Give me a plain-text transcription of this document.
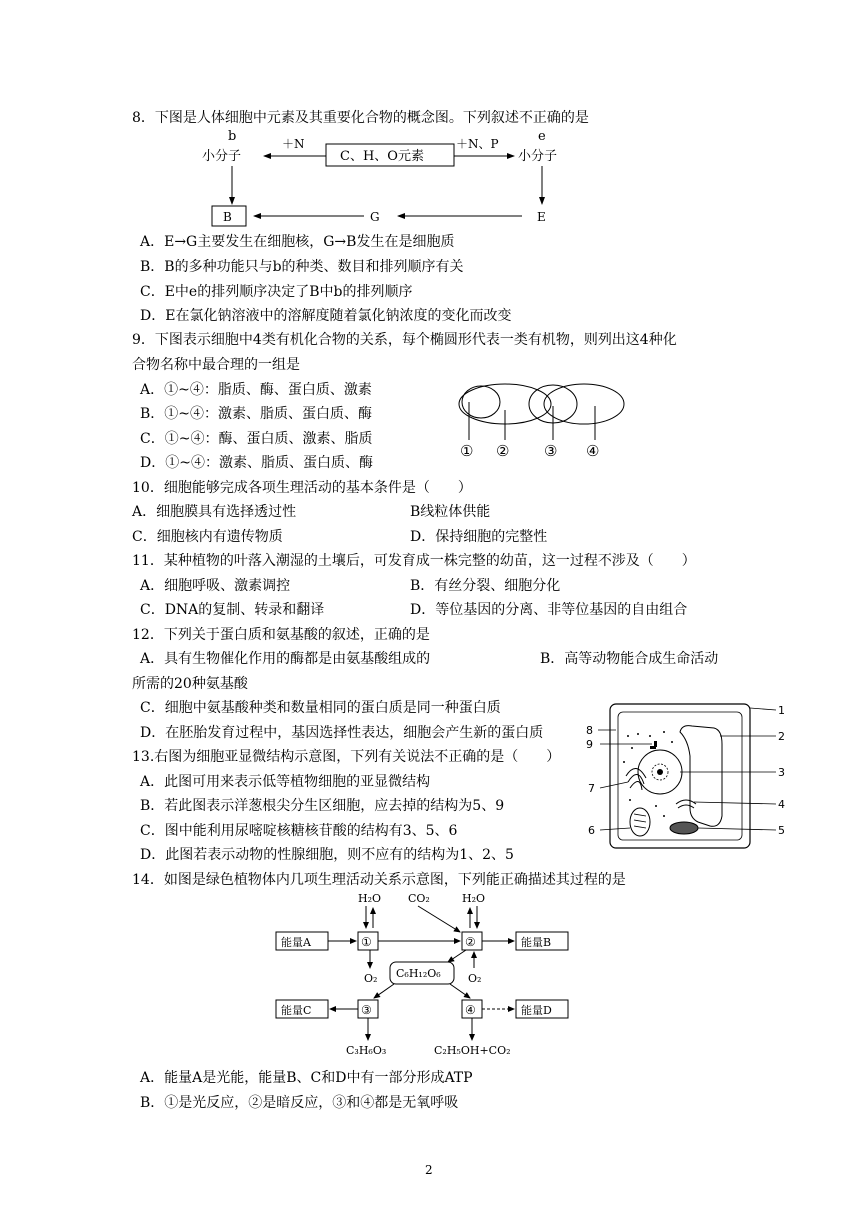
8．下图是人体细胞中元素及其重要化合物的概念图。下列叙述不正确的是
b
小分子
＋N
C、H、O元素
＋N、P	e
小分子
B	G	E
A．E→G主要发生在细胞核，G→B发生在是细胞质
B．B的多种功能只与b的种类、数目和排列顺序有关
C．E中e的排列顺序决定了B中b的排列顺序
D．E在氯化钠溶液中的溶解度随着氯化钠浓度的变化而改变
9．下图表示细胞中4类有机化合物的关系，每个椭圆形代表一类有机物，则列出这4种化
合物名称中最合理的一组是
A．①~④：脂质、酶、蛋白质、激素
B．①~④：激素、脂质、蛋白质、酶
C．①~④：酶、蛋白质、激素、脂质
D．①~④：激素、脂质、蛋白质、酶
① ② ③ ④
10．细胞能够完成各项生理活动的基本条件是（　　）
A．细胞膜具有选择透过性	B线粒体供能
C．细胞核内有遗传物质	D．保持细胞的完整性
11．某种植物的叶落入潮湿的土壤后，可发育成一株完整的幼苗，这一过程不涉及（　　）
A．细胞呼吸、激素调控	B．有丝分裂、细胞分化
C．DNA的复制、转录和翻译	D．等位基因的分离、非等位基因的自由组合
12．下列关于蛋白质和氨基酸的叙述，正确的是
A．具有生物催化作用的酶都是由氨基酸组成的	B．高等动物能合成生命活动
所需的20种氨基酸
C．细胞中氨基酸种类和数量相同的蛋白质是同一种蛋白质
D．在胚胎发育过程中，基因选择性表达，细胞会产生新的蛋白质
13.右图为细胞亚显微结构示意图，下列有关说法不正确的是（　　）
A．此图可用来表示低等植物细胞的亚显微结构
B．若此图表示洋葱根尖分生区细胞，应去掉的结构为5、9
C．图中能利用尿嘧啶核糖核苷酸的结构有3、5、6
D．此图若表示动物的性腺细胞，则不应有的结构为1、2、5
1
2
3
4
5
6
7
8
9
14．如图是绿色植物体内几项生理活动关系示意图，下列能正确描述其过程的是
H₂O CO₂	H₂O
能量A	①	②	能量B
O₂	O₂
C₆H₁₂O₆
能量C	③	④	能量D
C₃H₆O₃	C₂H₅OH+CO₂
A．能量A是光能，能量B、C和D中有一部分形成ATP
B．①是光反应，②是暗反应，③和④都是无氧呼吸
2
